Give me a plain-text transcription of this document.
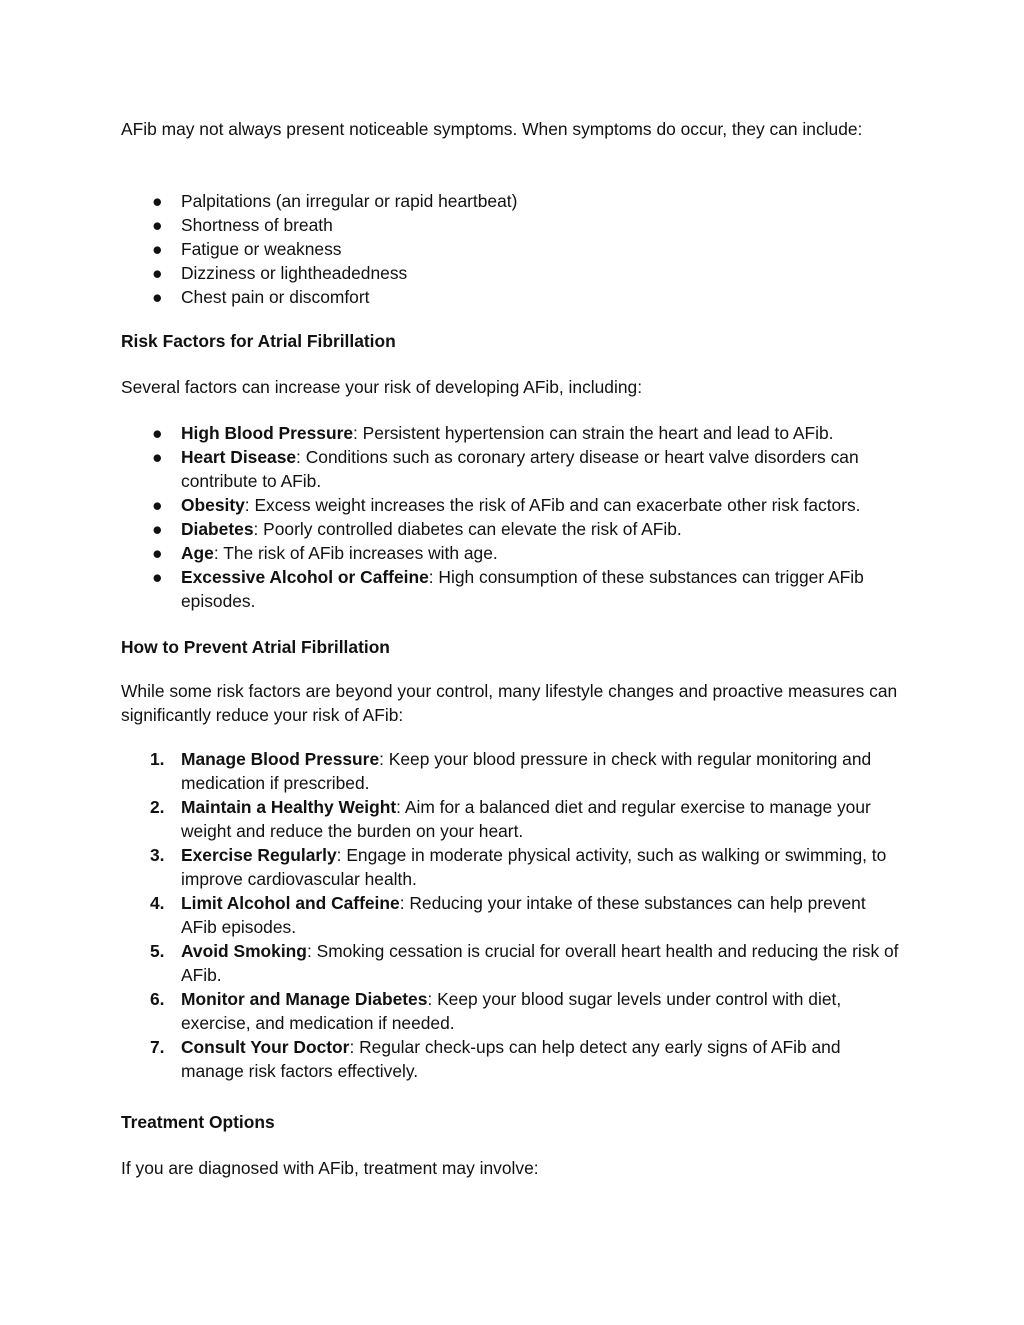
AFib may not always present noticeable symptoms. When symptoms do occur, they can include:

● Palpitations (an irregular or rapid heartbeat)
● Shortness of breath
● Fatigue or weakness
● Dizziness or lightheadedness
● Chest pain or discomfort
Risk Factors for Atrial Fibrillation

Several factors can increase your risk of developing AFib, including:

● High Blood Pressure: Persistent hypertension can strain the heart and lead to AFib.
● Heart Disease: Conditions such as coronary artery disease or heart valve disorders can contribute to AFib.
● Obesity: Excess weight increases the risk of AFib and can exacerbate other risk factors.
● Diabetes: Poorly controlled diabetes can elevate the risk of AFib.
● Age: The risk of AFib increases with age.
● Excessive Alcohol or Caffeine: High consumption of these substances can trigger AFib episodes.
How to Prevent Atrial Fibrillation

While some risk factors are beyond your control, many lifestyle changes and proactive measures can significantly reduce your risk of AFib:

1. Manage Blood Pressure: Keep your blood pressure in check with regular monitoring and medication if prescribed.
2. Maintain a Healthy Weight: Aim for a balanced diet and regular exercise to manage your weight and reduce the burden on your heart.
3. Exercise Regularly: Engage in moderate physical activity, such as walking or swimming, to improve cardiovascular health.
4. Limit Alcohol and Caffeine: Reducing your intake of these substances can help prevent AFib episodes.
5. Avoid Smoking: Smoking cessation is crucial for overall heart health and reducing the risk of AFib.
6. Monitor and Manage Diabetes: Keep your blood sugar levels under control with diet, exercise, and medication if needed.
7. Consult Your Doctor: Regular check-ups can help detect any early signs of AFib and manage risk factors effectively.
Treatment Options

If you are diagnosed with AFib, treatment may involve:
